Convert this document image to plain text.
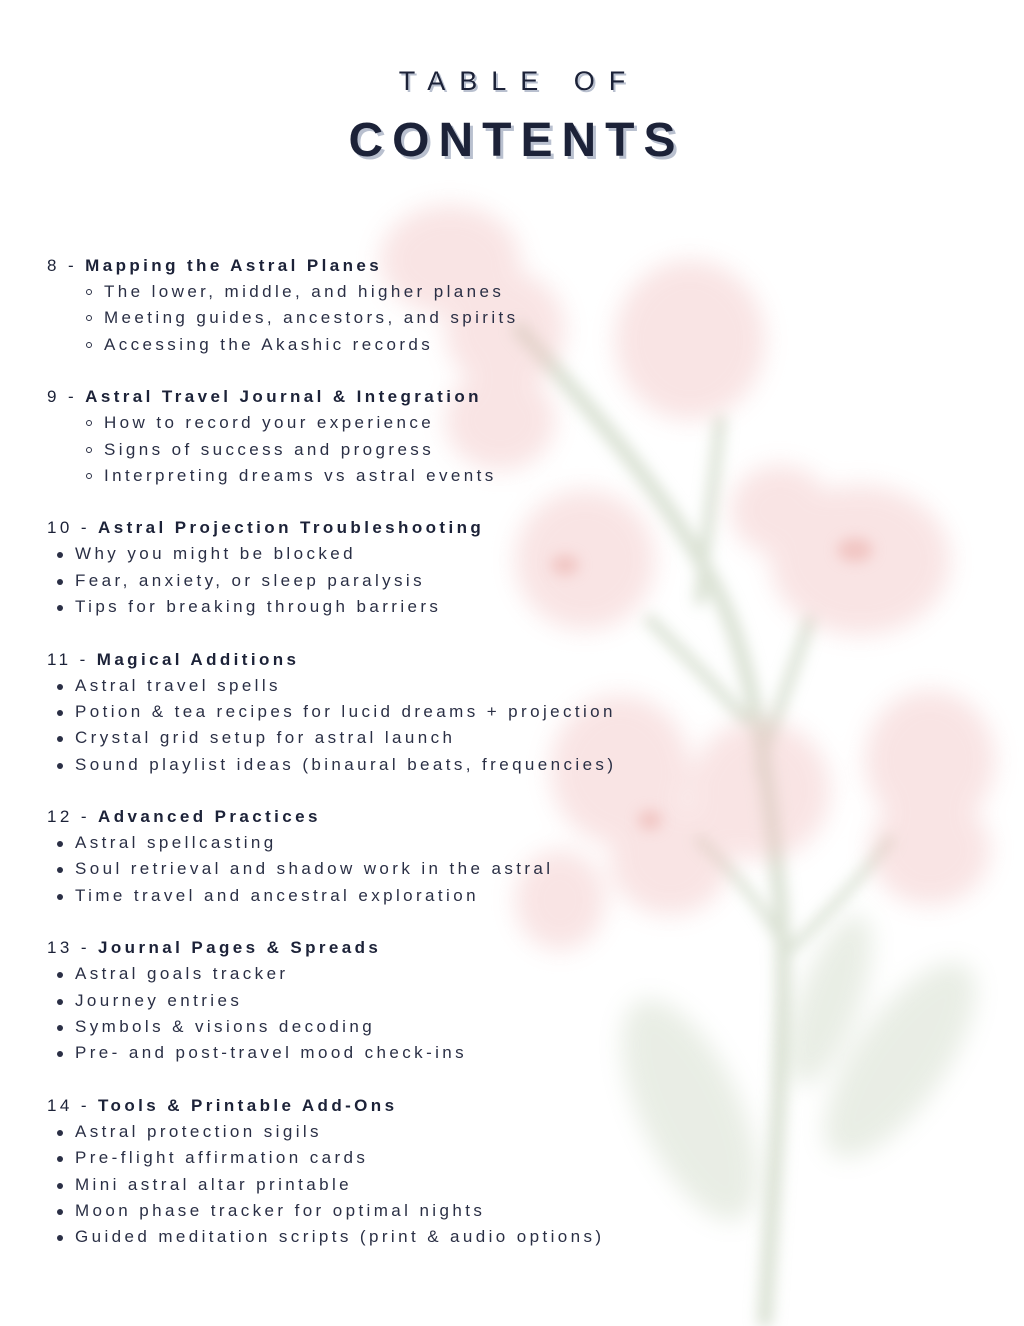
TABLE OF
CONTENTS
8 - Mapping the Astral Planes
The lower, middle, and higher planes
Meeting guides, ancestors, and spirits
Accessing the Akashic records
9 - Astral Travel Journal & Integration
How to record your experience
Signs of success and progress
Interpreting dreams vs astral events
10 - Astral Projection Troubleshooting
Why you might be blocked
Fear, anxiety, or sleep paralysis
Tips for breaking through barriers
11 - Magical Additions
Astral travel spells
Potion & tea recipes for lucid dreams + projection
Crystal grid setup for astral launch
Sound playlist ideas (binaural beats, frequencies)
12 - Advanced Practices
Astral spellcasting
Soul retrieval and shadow work in the astral
Time travel and ancestral exploration
13 - Journal Pages & Spreads
Astral goals tracker
Journey entries
Symbols & visions decoding
Pre- and post-travel mood check-ins
14 - Tools & Printable Add-Ons
Astral protection sigils
Pre-flight affirmation cards
Mini astral altar printable
Moon phase tracker for optimal nights
Guided meditation scripts (print & audio options)
